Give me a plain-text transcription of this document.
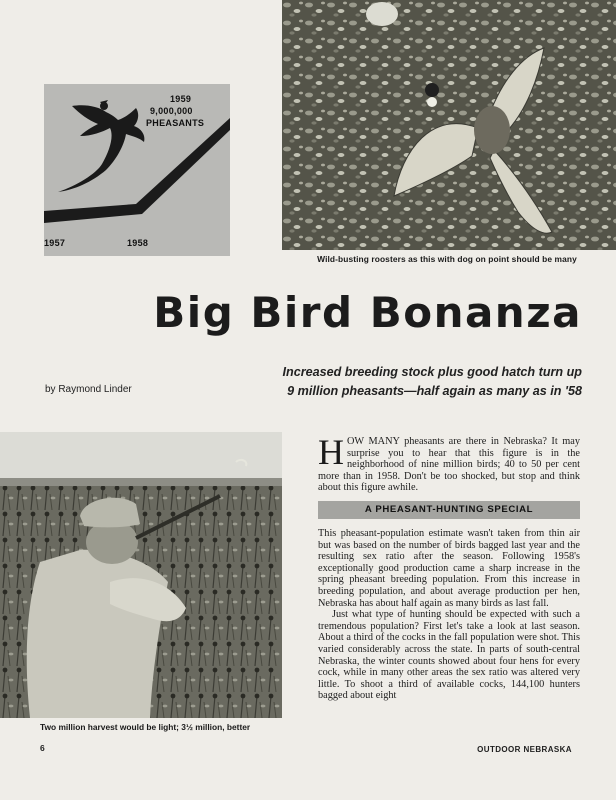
1959
9,000,000
PHEASANTS
1957	1958
Wild-busting roosters as this with dog on point should be many
Big Bird Bonanza
by Raymond Linder
Increased breeding stock plus good hatch turn up
9 million pheasants—half again as many as in '58
Two million harvest would be light; 3½ million, better

HOW MANY pheasants are there in Nebraska? It may surprise you to hear that this figure is in the neighborhood of nine million birds; 40 to 50 per cent more than in 1958. Don't be too shocked, but stop and think about this figure awhile.

A PHEASANT-HUNTING SPECIAL

This pheasant-population estimate wasn't taken from thin air but was based on the number of birds bagged last year and the resulting sex ratio after the season. Following 1958's exceptionally good production came a sharp increase in the spring pheasant breeding population. From this increase in breeding population, and about average production per hen, Nebraska has about half again as many birds as last fall.

Just what type of hunting should be expected with such a tremendous population? First let's take a look at last season. About a third of the cocks in the fall population were shot. This varied considerably across the state. In parts of south-central Nebraska, the winter counts showed about four hens for every cock, while in many other areas the sex ratio was altered very little. To shoot a third of available cocks, 144,100 hunters bagged about eight

6	OUTDOOR NEBRASKA
